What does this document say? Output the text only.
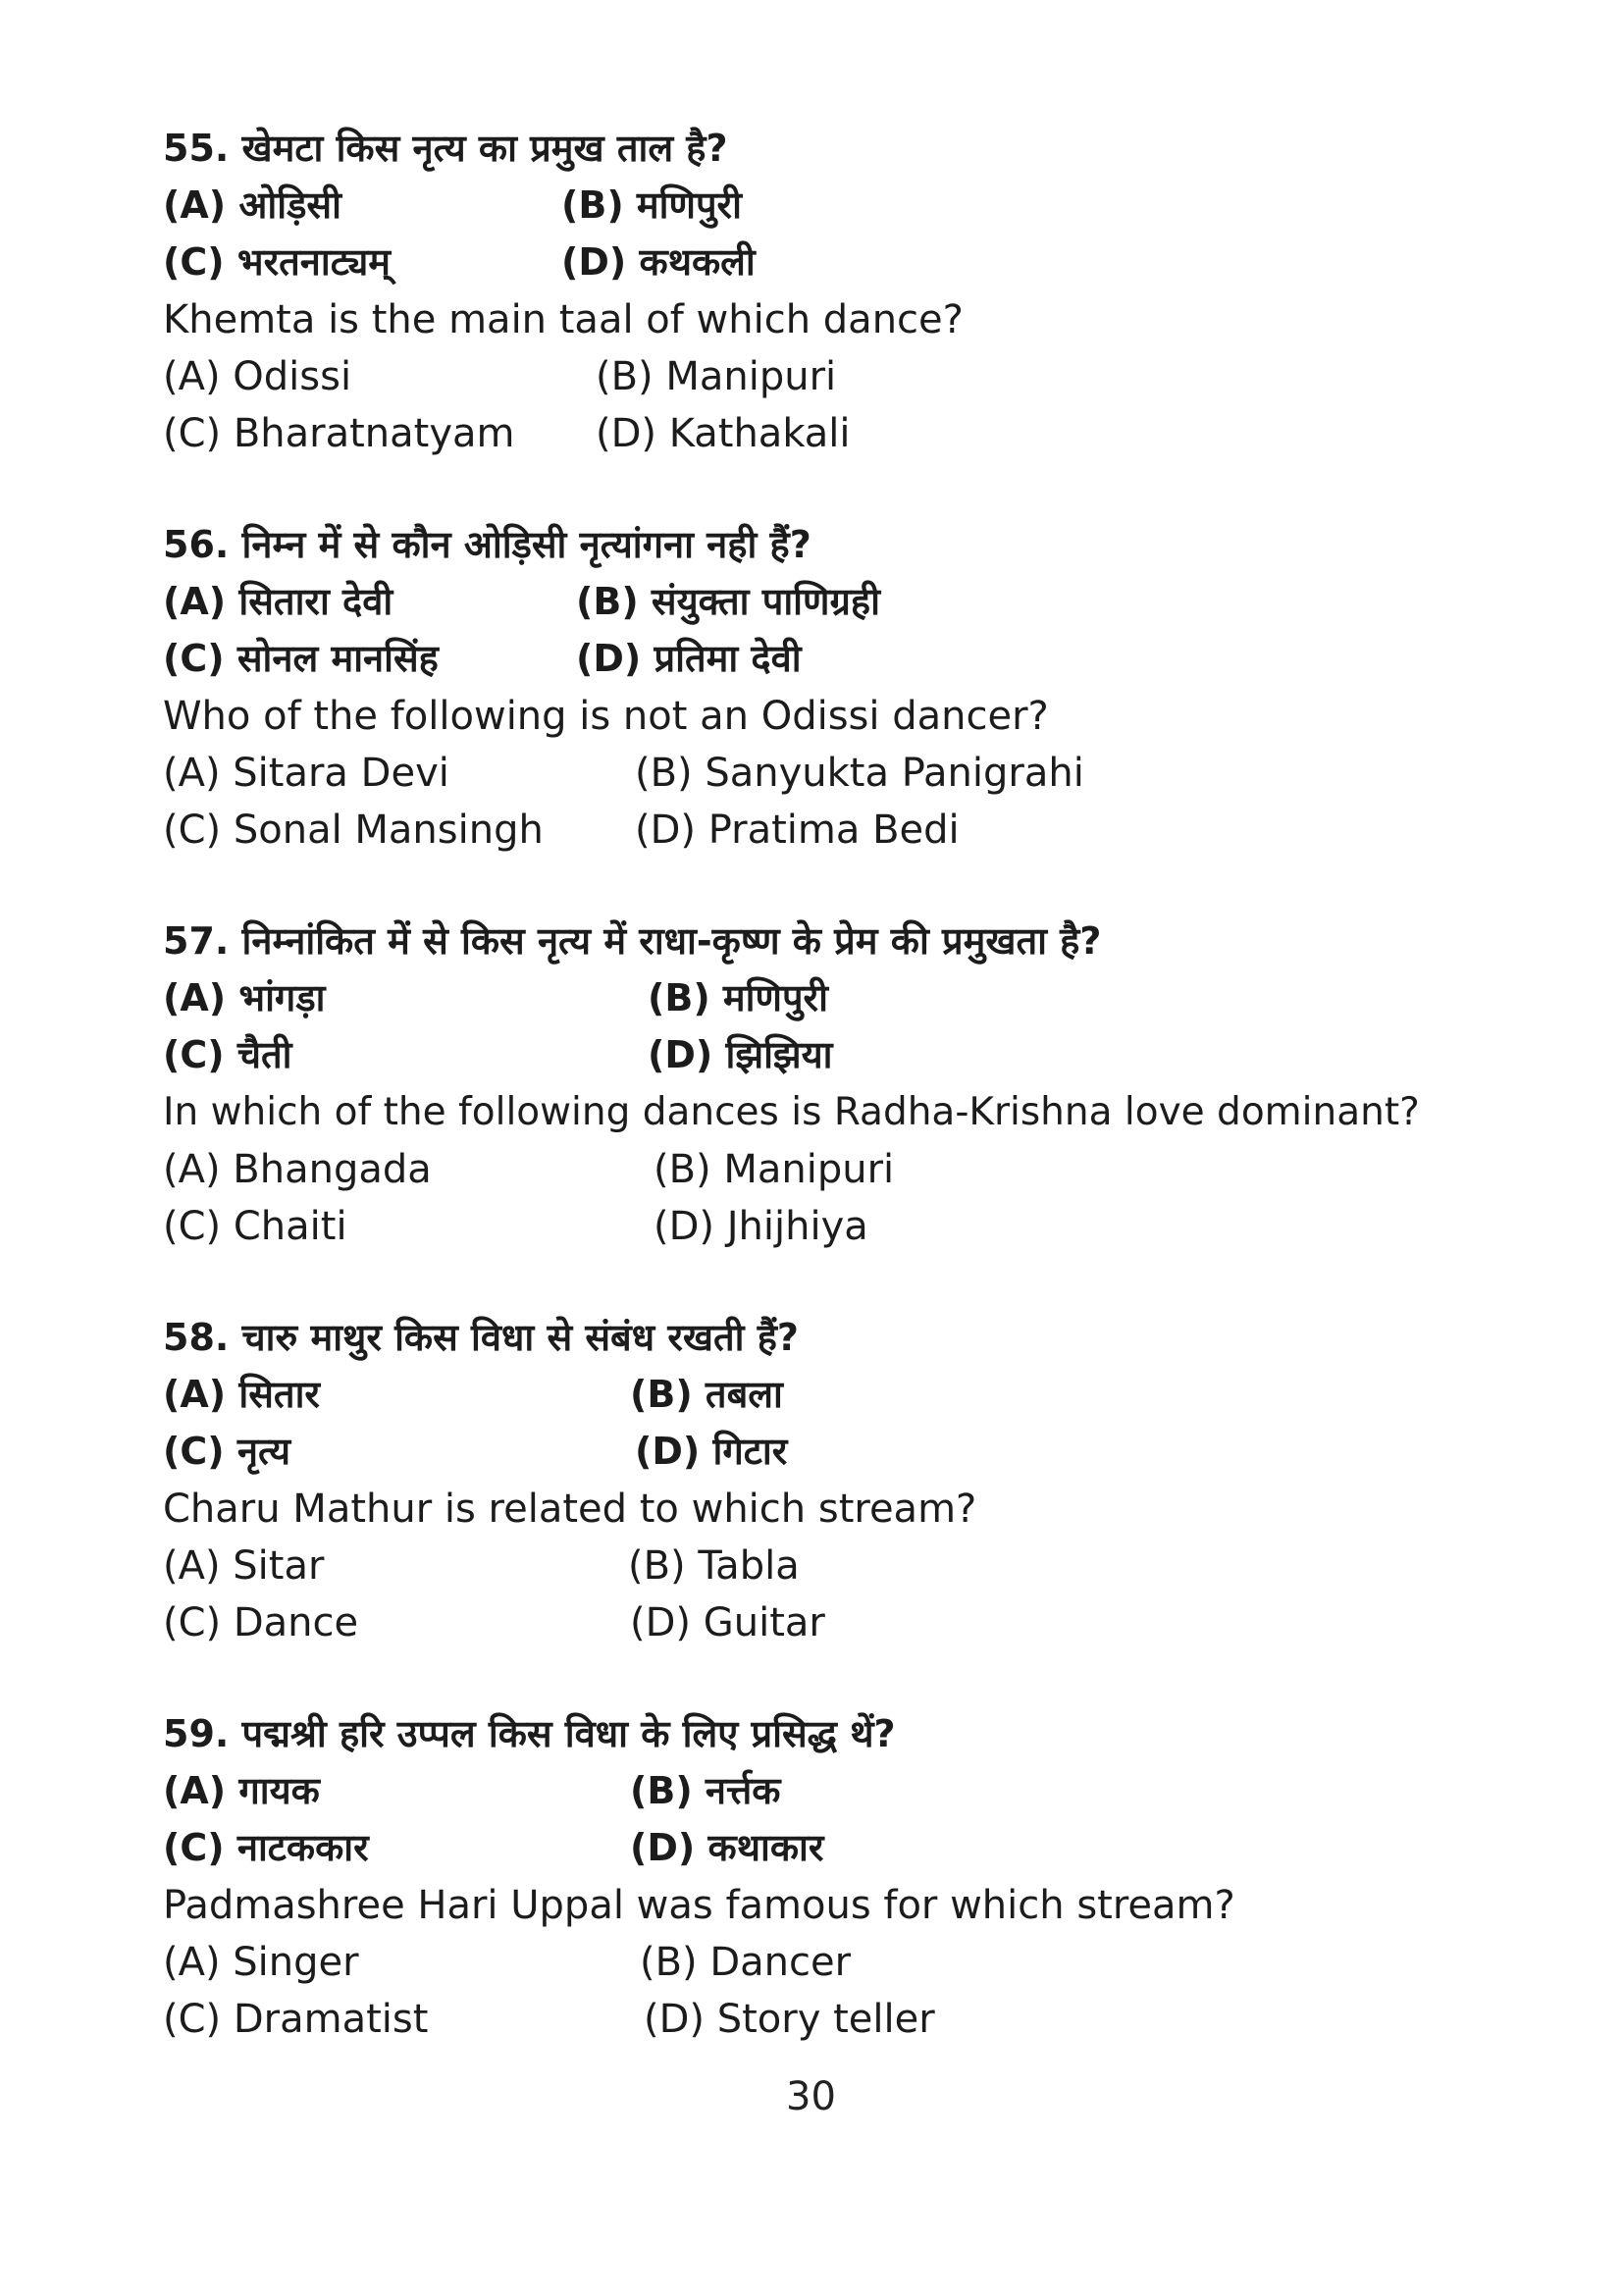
55. खेमटा किस नृत्य का प्रमुख ताल है?
(A) ओड़िसी	(B) मणिपुरी
(C) भरतनाट्यम्	(D) कथकली
Khemta is the main taal of which dance?
(A) Odissi	(B) Manipuri
(C) Bharatnatyam (D) Kathakali
56. निम्न में से कौन ओड़िसी नृत्यांगना नही हैं?
(A) सितारा देवी	(B) संयुक्ता पाणिग्रही
(C) सोनल मानसिंह	(D) प्रतिमा देवी
Who of the following is not an Odissi dancer?
(A) Sitara Devi	(B) Sanyukta Panigrahi
(C) Sonal Mansingh (D) Pratima Bedi
57. निम्नांकित में से किस नृत्य में राधा-कृष्ण के प्रेम की प्रमुखता है?
(A) भांगड़ा	(B) मणिपुरी
(C) चैती	(D) झिझिया
In which of the following dances is Radha-Krishna love dominant?
(A) Bhangada	(B) Manipuri
(C) Chaiti	(D) Jhijhiya
58. चारु माथुर किस विधा से संबंध रखती हैं?
(A) सितार	(B) तबला
(C) नृत्य	(D) गिटार
Charu Mathur is related to which stream?
(A) Sitar	(B) Tabla
(C) Dance	(D) Guitar
59. पद्मश्री हरि उप्पल किस विधा के लिए प्रसिद्ध थें?
(A) गायक	(B) नर्त्तक
(C) नाटककार	(D) कथाकार
Padmashree Hari Uppal was famous for which stream?
(A) Singer	(B) Dancer
(C) Dramatist	(D) Story teller
30
